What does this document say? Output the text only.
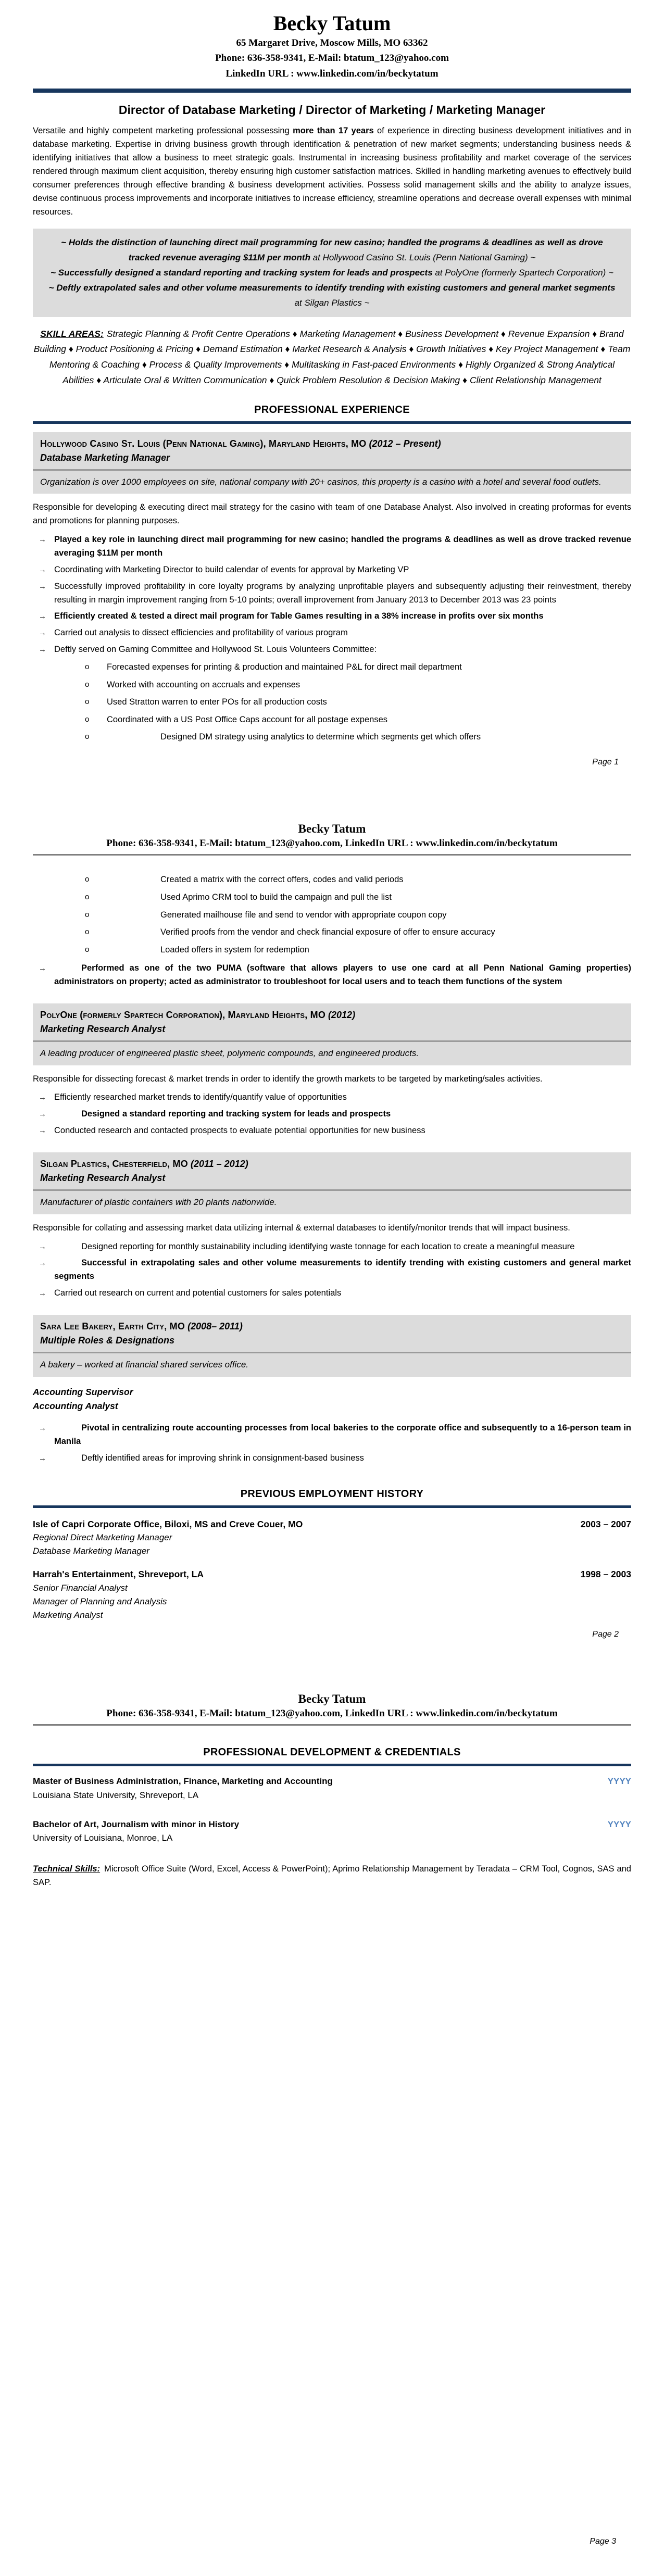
Becky Tatum
65 Margaret Drive, Moscow Mills, MO 63362
Phone: 636-358-9341, E-Mail: btatum_123@yahoo.com
LinkedIn URL : www.linkedin.com/in/beckytatum
Director of Database Marketing / Director of Marketing / Marketing Manager

Versatile and highly competent marketing professional possessing more than 17 years of experience in directing business development initiatives and in database marketing. Expertise in driving business growth through identification & penetration of new market segments; understanding business needs & identifying initiatives that allow a business to meet strategic goals. Instrumental in increasing business profitability and market coverage of the services rendered through maximum client acquisition, thereby ensuring high customer satisfaction matrices. Skilled in handling marketing avenues to effectively build consumer preferences through effective branding & business development activities. Possess solid management skills and the ability to analyze issues, devise continuous process improvements and incorporate initiatives to increase efficiency, streamline operations and decrease overall expenses with minimal resources.

~ Holds the distinction of launching direct mail programming for new casino; handled the programs & deadlines as well as drove tracked revenue averaging $11M per month at Hollywood Casino St. Louis (Penn National Gaming) ~

~ Successfully designed a standard reporting and tracking system for leads and prospects at PolyOne (formerly Spartech Corporation) ~

~ Deftly extrapolated sales and other volume measurements to identify trending with existing customers and general market segments at Silgan Plastics ~

SKILL AREAS: Strategic Planning & Profit Centre Operations ♦ Marketing Management ♦ Business Development ♦ Revenue Expansion ♦ Brand Building ♦ Product Positioning & Pricing ♦ Demand Estimation ♦ Market Research & Analysis ♦ Growth Initiatives ♦ Key Project Management ♦ Team Mentoring & Coaching ♦ Process & Quality Improvements ♦ Multitasking in Fast-paced Environments ♦ Highly Organized & Strong Analytical Abilities ♦ Articulate Oral & Written Communication ♦ Quick Problem Resolution & Decision Making ♦ Client Relationship Management

PROFESSIONAL EXPERIENCE
Hollywood Casino St. Louis (Penn National Gaming), Maryland Heights, MO (2012 – Present)
Database Marketing Manager
Organization is over 1000 employees on site, national company with 20+ casinos, this property is a casino with a hotel and several food outlets.

Responsible for developing & executing direct mail strategy for the casino with team of one Database Analyst. Also involved in creating proformas for events and promotions for planning purposes.

→ Played a key role in launching direct mail programming for new casino; handled the programs & deadlines as well as drove tracked revenue averaging $11M per month
→ Coordinating with Marketing Director to build calendar of events for approval by Marketing VP
→ Successfully improved profitability in core loyalty programs by analyzing unprofitable players and subsequently adjusting their reinvestment, thereby resulting in margin improvement ranging from 5-10 points; overall improvement from January 2013 to December 2013 was 23 points
→ Efficiently created & tested a direct mail program for Table Games resulting in a 38% increase in profits over six months
→ Carried out analysis to dissect efficiencies and profitability of various program
→ Deftly served on Gaming Committee and Hollywood St. Louis Volunteers Committee:
o	Forecasted expenses for printing & production and maintained P&L for direct mail department
o	Worked with accounting on accruals and expenses
o	Used Stratton warren to enter POs for all production costs
o	Coordinated with a US Post Office Caps account for all postage expenses
o	Designed DM strategy using analytics to determine which segments get which offers
Page 1
Becky Tatum
Phone: 636-358-9341, E-Mail: btatum_123@yahoo.com, LinkedIn URL : www.linkedin.com/in/beckytatum
o	Created a matrix with the correct offers, codes and valid periods
o	Used Aprimo CRM tool to build the campaign and pull the list
o	Generated mailhouse file and send to vendor with appropriate coupon copy
o	Verified proofs from the vendor and check financial exposure of offer to ensure accuracy
o	Loaded offers in system for redemption
→	Performed as one of the two PUMA (software that allows players to use one card at all Penn National Gaming properties) administrators on property; acted as administrator to troubleshoot for local users and to teach them functions of the system
PolyOne (formerly Spartech Corporation), Maryland Heights, MO (2012)
Marketing Research Analyst
A leading producer of engineered plastic sheet, polymeric compounds, and engineered products.

Responsible for dissecting forecast & market trends in order to identify the growth markets to be targeted by marketing/sales activities.

→ Efficiently researched market trends to identify/quantify value of opportunities
→	Designed a standard reporting and tracking system for leads and prospects
→ Conducted research and contacted prospects to evaluate potential opportunities for new business
Silgan Plastics, Chesterfield, MO (2011 – 2012)
Marketing Research Analyst
Manufacturer of plastic containers with 20 plants nationwide.

Responsible for collating and assessing market data utilizing internal & external databases to identify/monitor trends that will impact business.

→	Designed reporting for monthly sustainability including identifying waste tonnage for each location to create a meaningful measure
→	Successful in extrapolating sales and other volume measurements to identify trending with existing customers and general market segments
→ Carried out research on current and potential customers for sales potentials
Sara Lee Bakery, Earth City, MO (2008– 2011)
Multiple Roles & Designations
A bakery – worked at financial shared services office.
Accounting Supervisor
Accounting Analyst
→	Pivotal in centralizing route accounting processes from local bakeries to the corporate office and subsequently to a 16-person team in Manila
→	Deftly identified areas for improving shrink in consignment-based business
PREVIOUS EMPLOYMENT HISTORY
Isle of Capri Corporate Office, Biloxi, MS and Creve Couer, MO	2003 – 2007
Regional Direct Marketing Manager
Database Marketing Manager
Harrah's Entertainment, Shreveport, LA	1998 – 2003
Senior Financial Analyst
Manager of Planning and Analysis
Marketing Analyst
Page 2
Becky Tatum
Phone: 636-358-9341, E-Mail: btatum_123@yahoo.com, LinkedIn URL : www.linkedin.com/in/beckytatum
PROFESSIONAL DEVELOPMENT & CREDENTIALS
Master of Business Administration, Finance, Marketing and Accounting	YYYY
Louisiana State University, Shreveport, LA
Bachelor of Art, Journalism with minor in History	YYYY
University of Louisiana, Monroe, LA

Technical Skills: Microsoft Office Suite (Word, Excel, Access & PowerPoint); Aprimo Relationship Management by Teradata – CRM Tool, Cognos, SAS and SAP.

Page 3
